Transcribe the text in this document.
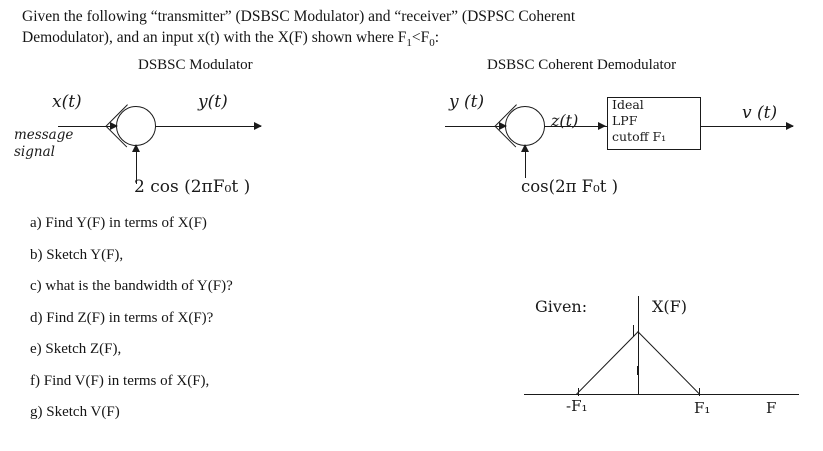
Given the following “transmitter” (DSBSC Modulator) and “receiver” (DSPSC Coherent
Demodulator), and an input x(t) with the X(F) shown where $F_1<F_0$:
DSBSC Modulator	DSBSC Coherent Demodulator
x(t)
message
signal
y(t)
2 cos (2πF₀t )
Ideal
LPF
cutoff F₁
y (t)
z(t)	v (t)
cos(2π F₀t )
a) Find Y(F) in terms of X(F)
b) Sketch Y(F),
c) what is the bandwidth of Y(F)?
d) Find Z(F) in terms of X(F)?
e) Sketch Z(F),
f) Find V(F) in terms of X(F),
g) Sketch V(F)
Given:	X(F)
-F₁	F₁	F
